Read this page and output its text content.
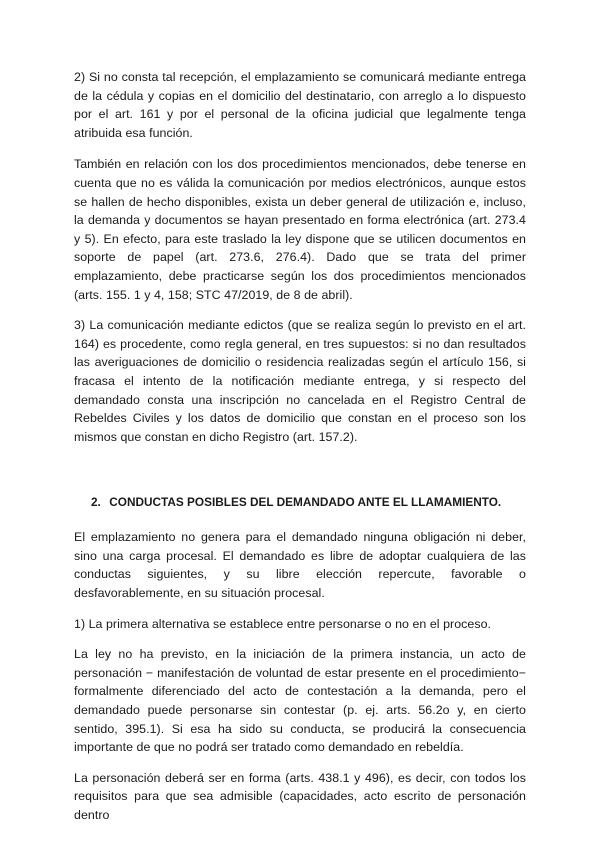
2) Si no consta tal recepción, el emplazamiento se comunicará mediante entrega de la cédula y copias en el domicilio del destinatario, con arreglo a lo dispuesto por el art. 161 y por el personal de la oficina judicial que legalmente tenga atribuida esa función.

También en relación con los dos procedimientos mencionados, debe tenerse en cuenta que no es válida la comunicación por medios electrónicos, aunque estos se hallen de hecho disponibles, exista un deber general de utilización e, incluso, la demanda y documentos se hayan presentado en forma electrónica (art. 273.4 y 5). En efecto, para este traslado la ley dispone que se utilicen documentos en soporte de papel (art. 273.6, 276.4). Dado que se trata del primer emplazamiento, debe practicarse según los dos procedimientos mencionados (arts. 155. 1 y 4, 158; STC 47/2019, de 8 de abril).

3) La comunicación mediante edictos (que se realiza según lo previsto en el art. 164) es procedente, como regla general, en tres supuestos: si no dan resultados las averiguaciones de domicilio o residencia realizadas según el artículo 156, si fracasa el intento de la notificación mediante entrega, y si respecto del demandado consta una inscripción no cancelada en el Registro Central de Rebeldes Civiles y los datos de domicilio que constan en el proceso son los mismos que constan en dicho Registro (art. 157.2).

2. CONDUCTAS POSIBLES DEL DEMANDADO ANTE EL LLAMAMIENTO.

El emplazamiento no genera para el demandado ninguna obligación ni deber, sino una carga procesal. El demandado es libre de adoptar cualquiera de las conductas siguientes, y su libre elección repercute, favorable o desfavorablemente, en su situación procesal.

1) La primera alternativa se establece entre personarse o no en el proceso.

La ley no ha previsto, en la iniciación de la primera instancia, un acto de personación − manifestación de voluntad de estar presente en el procedimiento− formalmente diferenciado del acto de contestación a la demanda, pero el demandado puede personarse sin contestar (p. ej. arts. 56.2o y, en cierto sentido, 395.1). Si esa ha sido su conducta, se producirá la consecuencia importante de que no podrá ser tratado como demandado en rebeldía.

La personación deberá ser en forma (arts. 438.1 y 496), es decir, con todos los requisitos para que sea admisible (capacidades, acto escrito de personación dentro
